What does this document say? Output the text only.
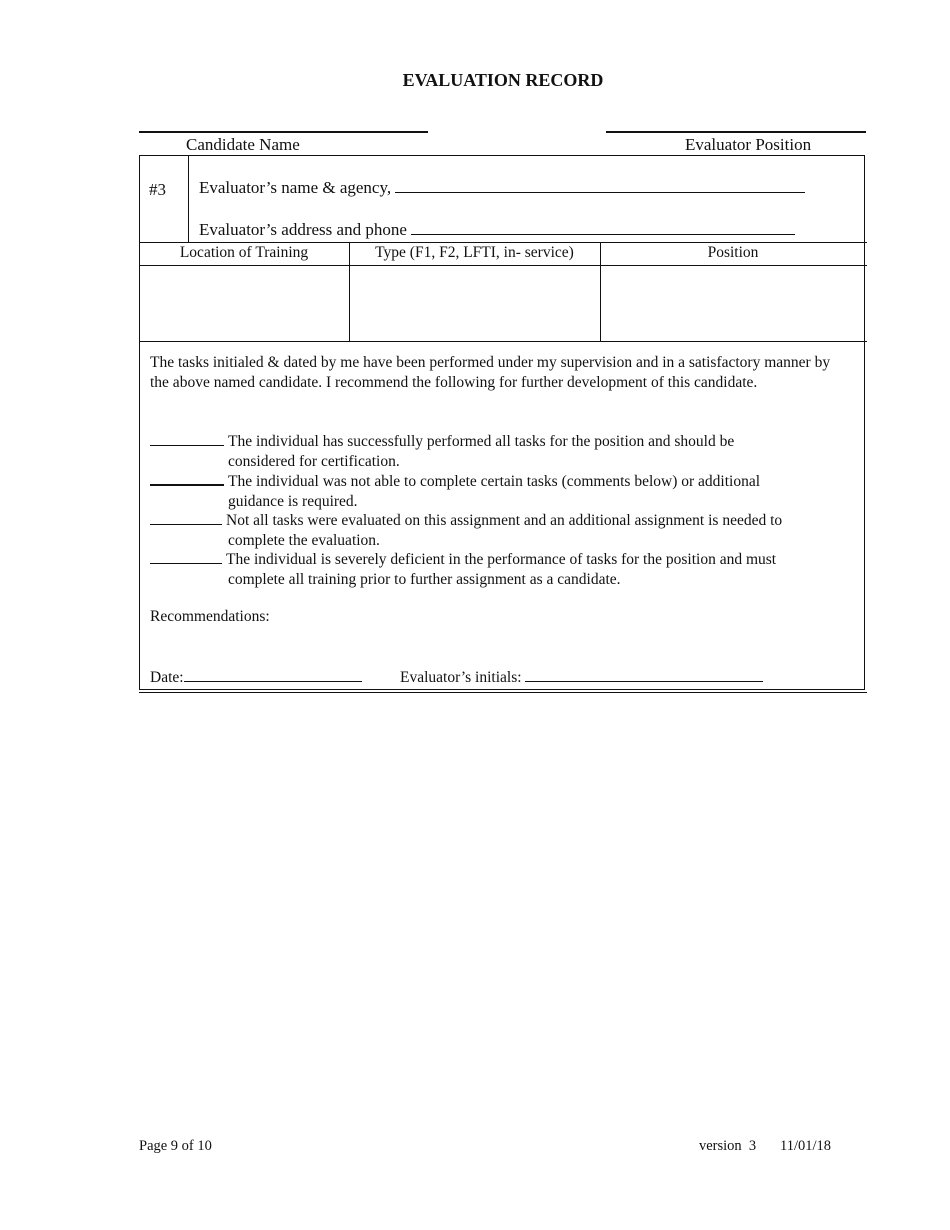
EVALUATION RECORD
Candidate Name	Evaluator Position
#3 Evaluator’s name & agency,
Evaluator’s address and phone
Location of Training	Type (F1, F2, LFTI, in- service)	Position
The tasks initialed & dated by me have been performed under my supervision and in a satisfactory manner by the above named candidate. I recommend the following for further development of this candidate.
The individual has successfully performed all tasks for the position and should be
considered for certification.
The individual was not able to complete certain tasks (comments below) or additional
guidance is required.
Not all tasks were evaluated on this assignment and an additional assignment is needed to
complete the evaluation.
The individual is severely deficient in the performance of tasks for the position and must
complete all training prior to further assignment as a candidate.
Recommendations:
Date:	Evaluator’s initials:
Page 9 of 10	version  3 11/01/18
